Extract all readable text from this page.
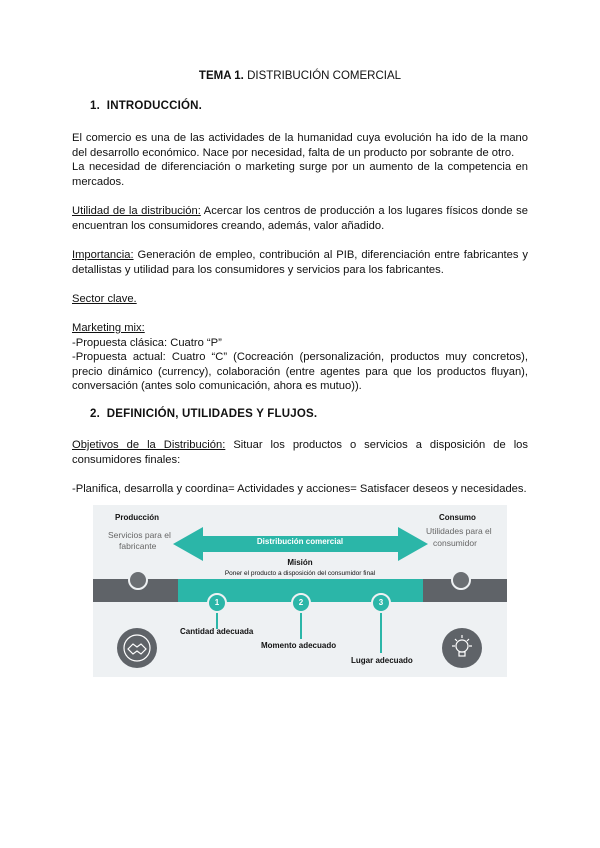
TEMA 1. DISTRIBUCIÓN COMERCIAL
1. INTRODUCCIÓN.
El comercio es una de las actividades de la humanidad cuya evolución ha ido de la mano del desarrollo económico. Nace por necesidad, falta de un producto por sobrante de otro.
La necesidad de diferenciación o marketing surge por un aumento de la competencia en mercados.
Utilidad de la distribución: Acercar los centros de producción a los lugares físicos donde se encuentran los consumidores creando, además, valor añadido.
Importancia: Generación de empleo, contribución al PIB, diferenciación entre fabricantes y detallistas y utilidad para los consumidores y servicios para los fabricantes.
Sector clave.
Marketing mix:
-Propuesta clásica: Cuatro “P”
-Propuesta actual: Cuatro “C” (Cocreación (personalización, productos muy concretos), precio dinámico (currency), colaboración (entre agentes para que los productos fluyan), conversación (antes solo comunicación, ahora es mutuo)).
2. DEFINICIÓN, UTILIDADES Y FLUJOS.
Objetivos de la Distribución: Situar los productos o servicios a disposición de los consumidores finales:
-Planifica, desarrolla y coordina= Actividades y acciones= Satisfacer deseos y necesidades.
Producción
Servicios para el
fabricante
Consumo
Utilidades para el
consumidor
Distribución comercial
Misión
Poner el producto a disposición del consumidor final
1	2	3
Cantidad adecuada
Momento adecuado
Lugar adecuado
